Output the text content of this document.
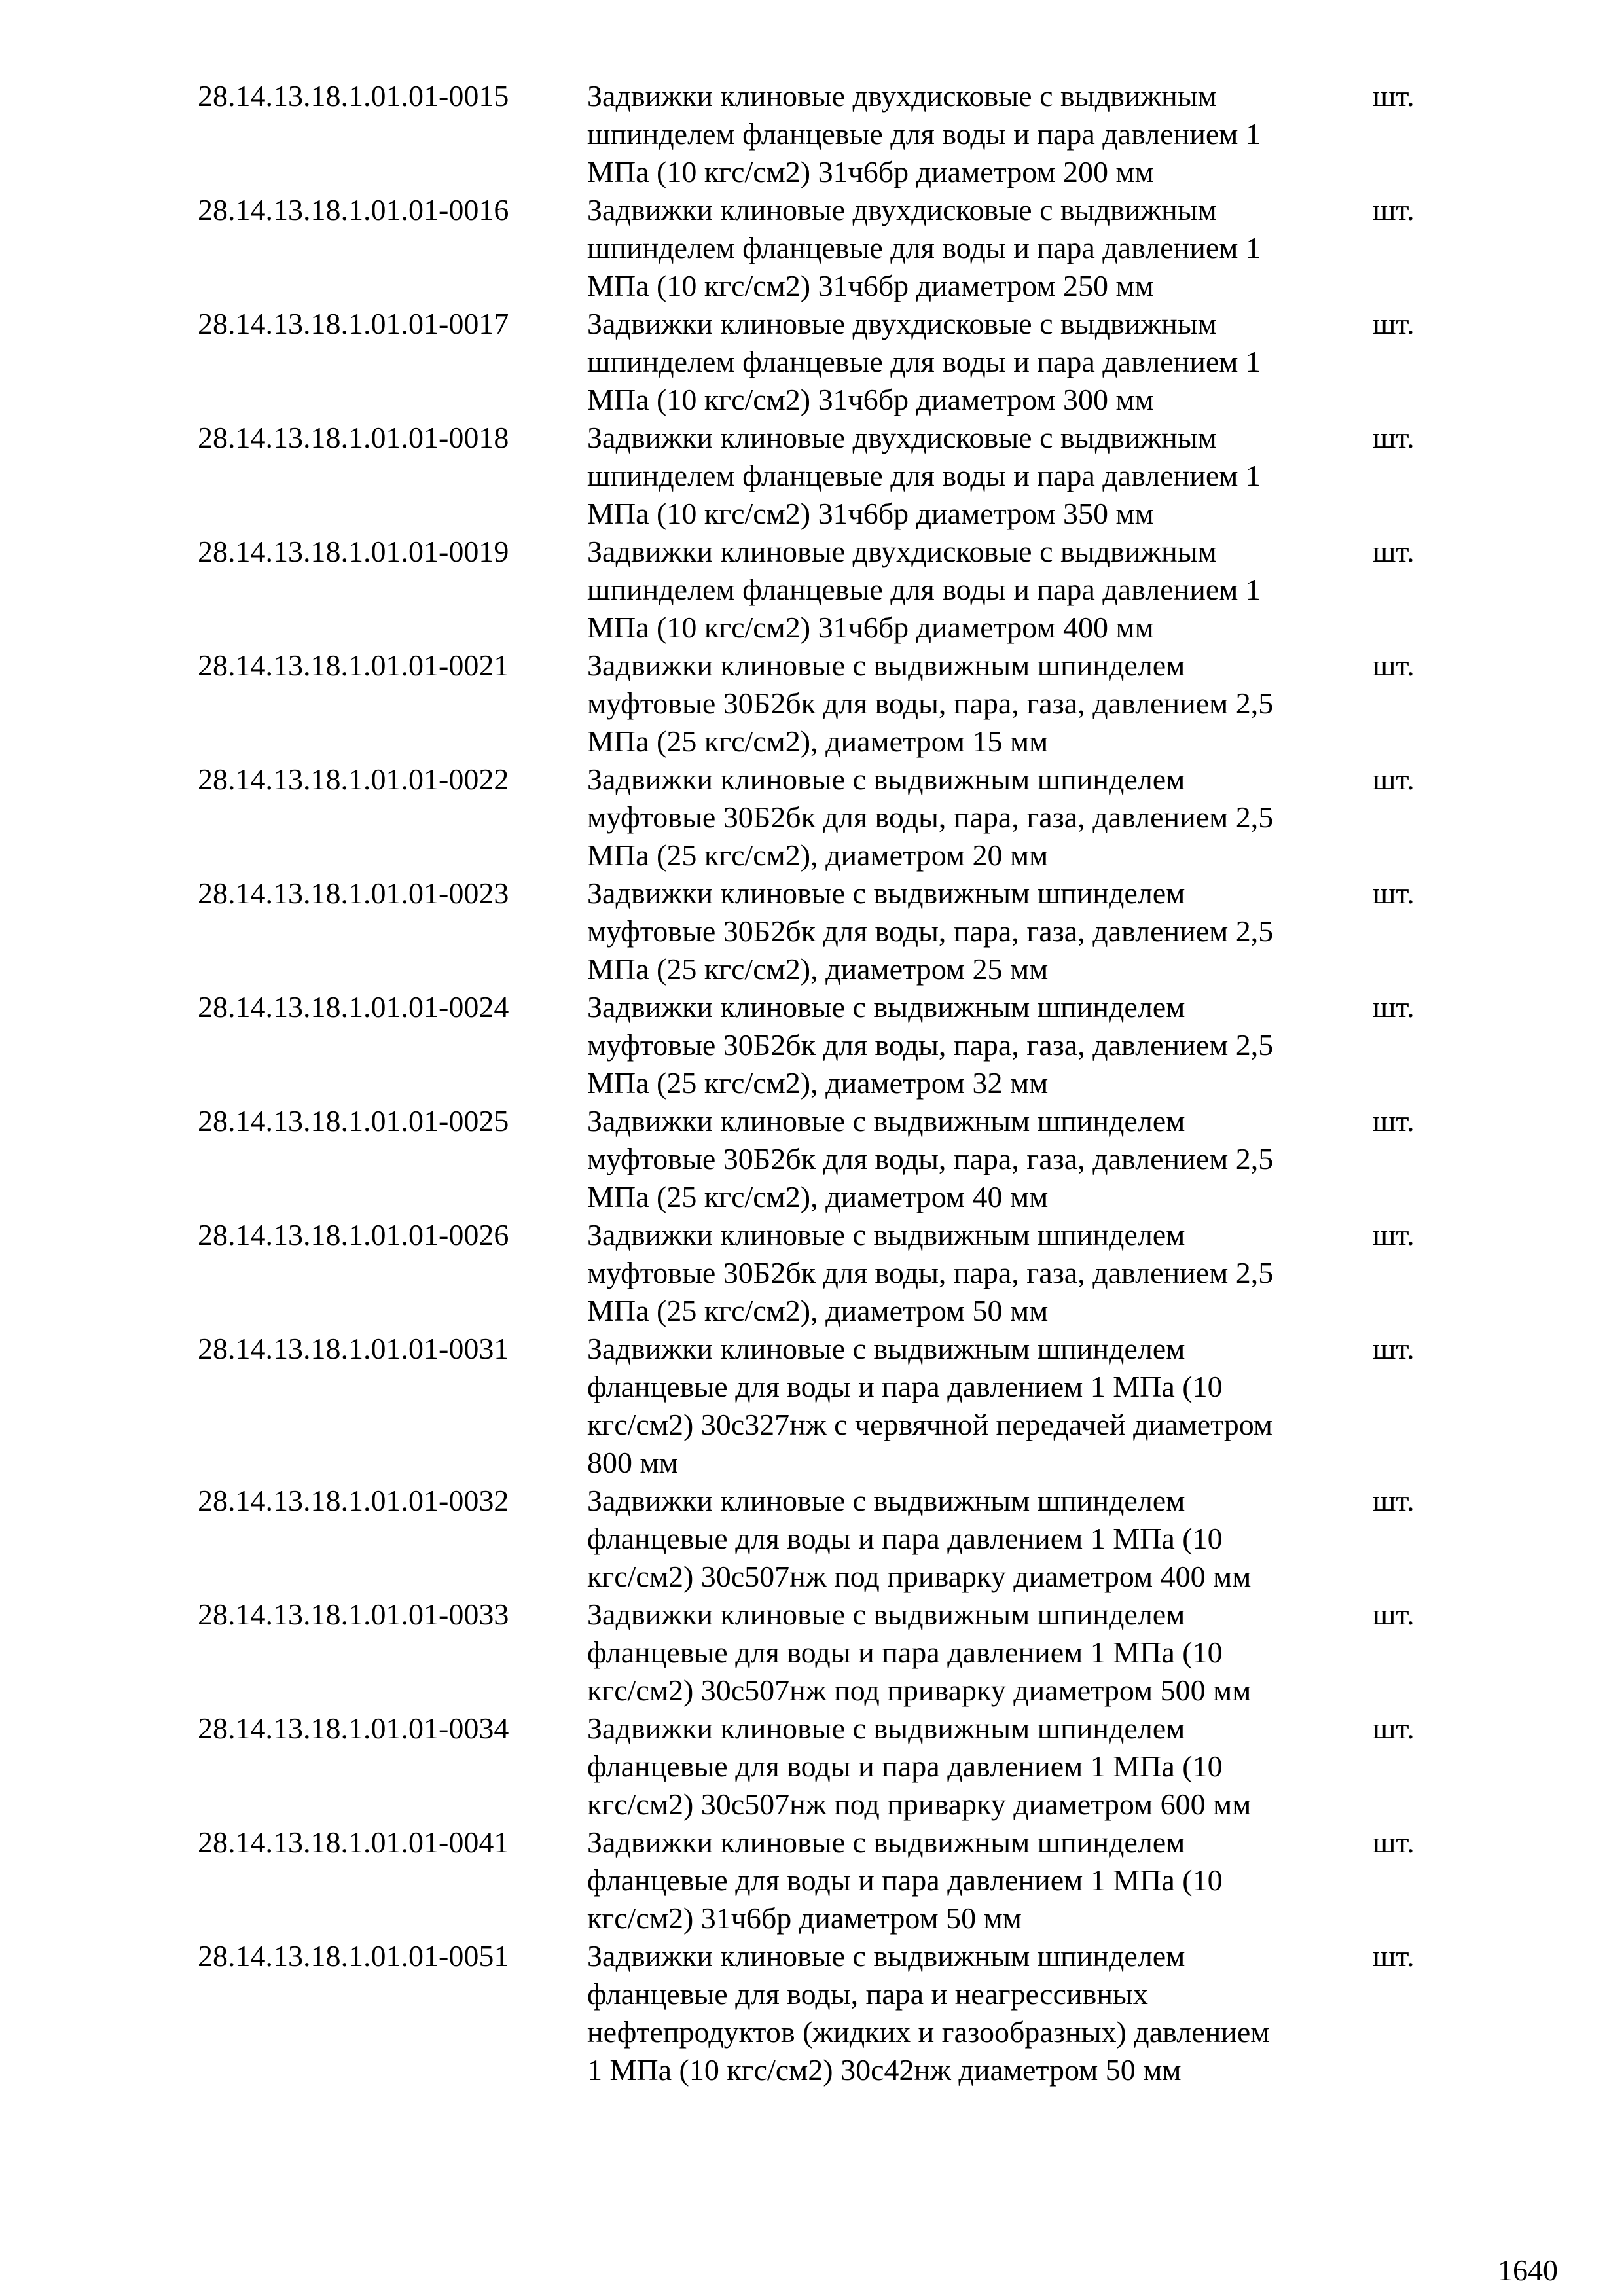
28.14.13.18.1.01.01-0015	Задвижки клиновые двухдисковые с выдвижным
шпинделем фланцевые для воды и пара давлением 1
МПа (10 кгс/см2) 31ч6бр диаметром 200 мм
шт.
28.14.13.18.1.01.01-0016	Задвижки клиновые двухдисковые с выдвижным
шпинделем фланцевые для воды и пара давлением 1
МПа (10 кгс/см2) 31ч6бр диаметром 250 мм
шт.
28.14.13.18.1.01.01-0017	Задвижки клиновые двухдисковые с выдвижным
шпинделем фланцевые для воды и пара давлением 1
МПа (10 кгс/см2) 31ч6бр диаметром 300 мм
шт.
28.14.13.18.1.01.01-0018	Задвижки клиновые двухдисковые с выдвижным
шпинделем фланцевые для воды и пара давлением 1
МПа (10 кгс/см2) 31ч6бр диаметром 350 мм
шт.
28.14.13.18.1.01.01-0019	Задвижки клиновые двухдисковые с выдвижным
шпинделем фланцевые для воды и пара давлением 1
МПа (10 кгс/см2) 31ч6бр диаметром 400 мм
шт.
28.14.13.18.1.01.01-0021	Задвижки клиновые с выдвижным шпинделем
муфтовые 30Б2бк для воды, пара, газа, давлением 2,5
МПа (25 кгс/см2), диаметром 15 мм
шт.
28.14.13.18.1.01.01-0022	Задвижки клиновые с выдвижным шпинделем
муфтовые 30Б2бк для воды, пара, газа, давлением 2,5
МПа (25 кгс/см2), диаметром 20 мм
шт.
28.14.13.18.1.01.01-0023	Задвижки клиновые с выдвижным шпинделем
муфтовые 30Б2бк для воды, пара, газа, давлением 2,5
МПа (25 кгс/см2), диаметром 25 мм
шт.
28.14.13.18.1.01.01-0024	Задвижки клиновые с выдвижным шпинделем
муфтовые 30Б2бк для воды, пара, газа, давлением 2,5
МПа (25 кгс/см2), диаметром 32 мм
шт.
28.14.13.18.1.01.01-0025	Задвижки клиновые с выдвижным шпинделем
муфтовые 30Б2бк для воды, пара, газа, давлением 2,5
МПа (25 кгс/см2), диаметром 40 мм
шт.
28.14.13.18.1.01.01-0026	Задвижки клиновые с выдвижным шпинделем
муфтовые 30Б2бк для воды, пара, газа, давлением 2,5
МПа (25 кгс/см2), диаметром 50 мм
шт.
28.14.13.18.1.01.01-0031	Задвижки клиновые с выдвижным шпинделем
фланцевые для воды и пара давлением 1 МПа (10
кгс/см2) 30с327нж с червячной передачей диаметром
800 мм
шт.
28.14.13.18.1.01.01-0032	Задвижки клиновые с выдвижным шпинделем
фланцевые для воды и пара давлением 1 МПа (10
кгс/см2) 30с507нж под приварку диаметром 400 мм
шт.
28.14.13.18.1.01.01-0033	Задвижки клиновые с выдвижным шпинделем
фланцевые для воды и пара давлением 1 МПа (10
кгс/см2) 30с507нж под приварку диаметром 500 мм
шт.
28.14.13.18.1.01.01-0034	Задвижки клиновые с выдвижным шпинделем
фланцевые для воды и пара давлением 1 МПа (10
кгс/см2) 30с507нж под приварку диаметром 600 мм
шт.
28.14.13.18.1.01.01-0041	Задвижки клиновые с выдвижным шпинделем
фланцевые для воды и пара давлением 1 МПа (10
кгс/см2) 31ч6бр диаметром 50 мм
шт.
28.14.13.18.1.01.01-0051	Задвижки клиновые с выдвижным шпинделем
фланцевые для воды, пара и неагрессивных
нефтепродуктов (жидких и газообразных) давлением
1 МПа (10 кгс/см2) 30с42нж диаметром 50 мм
шт.
1640
